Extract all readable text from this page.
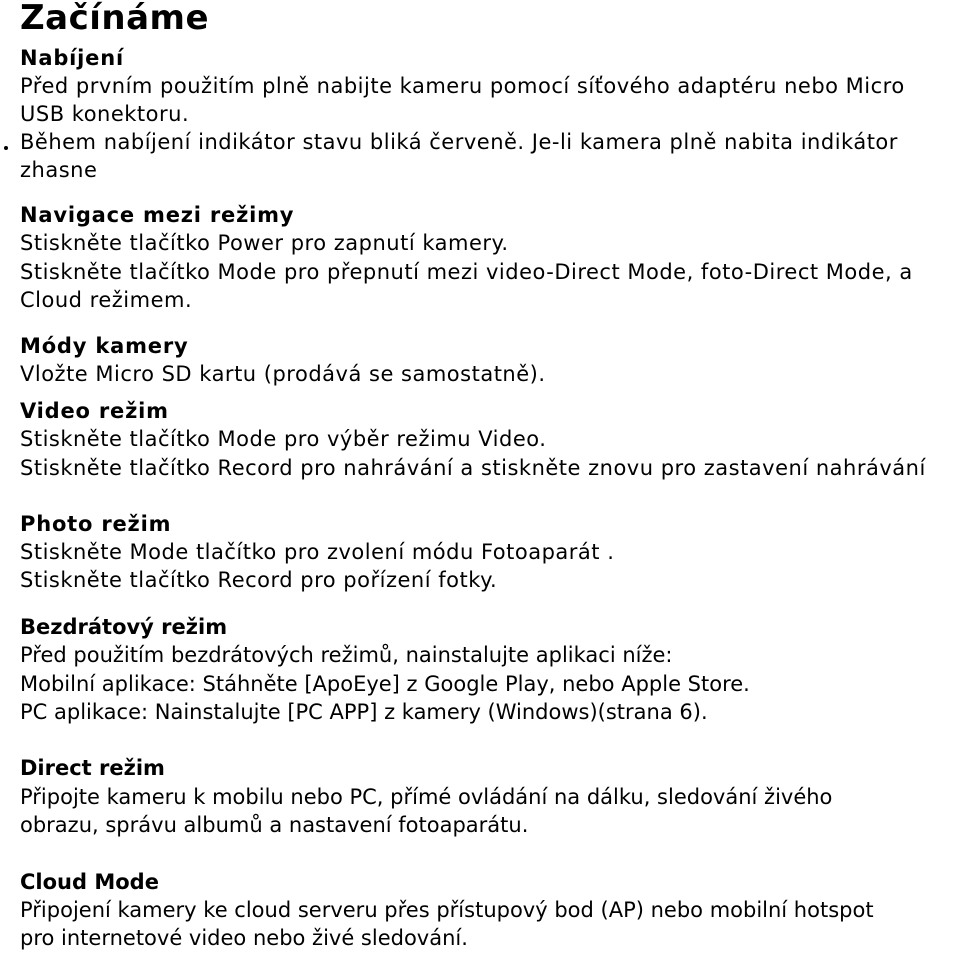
Začínáme
Nabíjení

Před prvním použitím plně nabijte kameru pomocí síťového adaptéru nebo Micro

USB konektoru.

Během nabíjení indikátor stavu bliká červeně. Je-li kamera plně nabita indikátor

zhasne

Navigace mezi režimy

Stiskněte tlačítko Power pro zapnutí kamery.

Stiskněte tlačítko Mode pro přepnutí mezi video-Direct Mode, foto-Direct Mode, a

Cloud režimem.

Módy kamery

Vložte Micro SD kartu (prodává se samostatně).

Video režim

Stiskněte tlačítko Mode pro výběr režimu Video.

Stiskněte tlačítko Record pro nahrávání a stiskněte znovu pro zastavení nahrávání

Photo režim

Stiskněte Mode tlačítko pro zvolení módu Fotoaparát .

Stiskněte tlačítko Record pro pořízení fotky.

Bezdrátový režim

Před použitím bezdrátových režimů, nainstalujte aplikaci níže:

Mobilní aplikace: Stáhněte [ApoEye] z Google Play, nebo Apple Store.

PC aplikace: Nainstalujte [PC APP] z kamery (Windows)(strana 6).

Direct režim

Připojte kameru k mobilu nebo PC, přímé ovládání na dálku, sledování živého

obrazu, správu albumů a nastavení fotoaparátu.

Cloud Mode

Připojení kamery ke cloud serveru přes přístupový bod (AP) nebo mobilní hotspot

pro internetové video nebo živé sledování.
